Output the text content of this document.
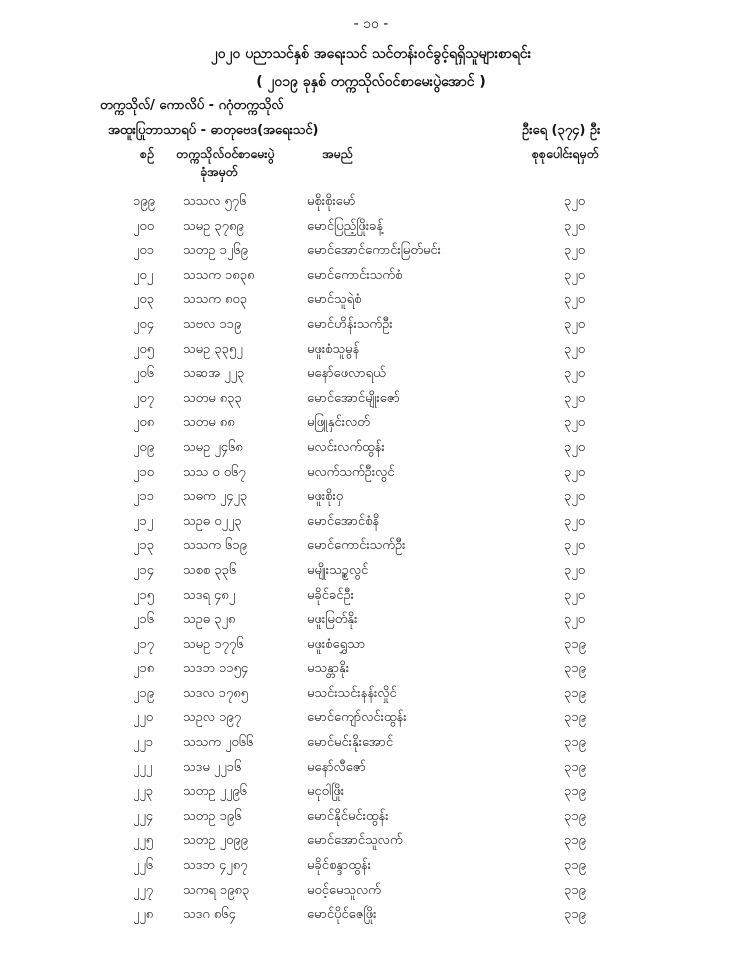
- ၁၀ -
၂၀၂၀ ပညာသင်နှစ် အရေးသင် သင်တန်းဝင်ခွင့်ရရှိသူများစာရင်း
( ၂၀၁၉ ခုနှစ် တက္ကသိုလ်ဝင်စာမေးပွဲအောင် )
တက္ကသိုလ်/ ကောလိပ် - ဂဂုံတက္ကသိုလ်
အထူးပြုဘာသာရပ် - ဓာတုဗေဒ(အရေးသင်)	ဦးရေ (၃၇၄) ဦး
စဉ် တက္ကသိုလ်ဝင်စာမေးပွဲ
ခုံအမှတ်
အမည်	စုစုပေါင်းရမှတ်
၁၉၉ သသလ ၅၇၆	မစိုးစိုးမော်	၃၂၀
၂၀၀ သမဥ ၃၇၈၉	မောင်ပြည့်ဖြိုးခန့်	၃၂၀
၂၀၁ သတဥ ၁၂၆၉	မောင်အောင်ကောင်းမြတ်မင်း	၃၂၀
၂၀၂ သသက ၁၈၃၈	မောင်ကောင်းသက်စံ	၃၂၀
၂၀၃ သသက ၈၀၃	မောင်သူရဲစံ	၃၂၀
၂၀၄ သဗလ ၁၁၉	မောင်ဟိန်းသက်ဦး	၃၂၀
၂၀၅ သမဥ ၃၃၅၂	မဖူးစံသူမွန်	၃၂၀
၂၀၆ သဆအ ၂၂၃	မနော်ဖေလာရယ်	၃၂၀
၂၀၇ သတမ ၈၃၃	မောင်အောင်မျိုးဇော်	၃၂၀
၂၀၈ သတမ ၈၈	မဖြူနှင်းလတ်	၃၂၀
၂၀၉ သမဥ ၂၄၆၈	မလင်းလက်ထွန်း	၃၂၀
၂၁၀ သသ ၀ ၀၆၇	မလက်သက်ဦးလွင်	၃၂၀
၂၁၁ သဓက ၂၄၂၃	မဖူးစိုးဝှ	၃၂၀
၂၁၂ သဥဓ ၀၂၂၃	မောင်အောင်စံနိ	၃၂၀
၂၁၃ သသက ၆၁၉	မောင်ကောင်းသက်ဦး	၃၂၀
၂၁၄ သစစ ၃၃၆	မမျိုးသဥ္စလွင်	၃၂၀
၂၁၅ သဒရ ၄၈၂	မခိုင်ခင်ဦး	၃၂၀
၂၁၆ သဥဓ ၃၂၈	မဖူးမြတ်နိုး	၃၂၀
၂၁၇ သမဥ ၁၇၇၆	မဖူးစံရွှေသာ	၃၁၉
၂၁၈ သဒဘ ၁၁၅၄	မသန္တာနိုး	၃၁၉
၂၁၉ သဒလ ၁၇၈၅	မသင်းသင်းနန်းလှိုင်	၃၁၉
၂၂၀ သဥလ ၁၉၇	မောင်ကျော်လင်းထွန်း	၃၁၉
၂၂၁ သသက ၂၀၆၆	မောင်မင်းနိုးအောင်	၃၁၉
၂၂၂ သဒမ ၂၂၁၆	မနော်လီဇော်	၃၁၉
၂၂၃ သတဥ ၂၂၉၆	မငုဝါဖြိုး	၃၁၉
၂၂၄ သတဥ ၁၉၆	မောင်နိုင်မင်းထွန်း	၃၁၉
၂၂၅ သတဥ ၂၀၉၉	မောင်အောင်သူလက်	၃၁၉
၂၂၆ သဒဘ ၄၂၈၇	မခိုင်စန္ဒာထွန်း	၃၁၉
၂၂၇ သကရ ၁၉၈၃	မဝင့်မေသူလက်	၃၁၉
၂၂၈ သဒဂ ၈၆၄	မောင်ပိုင်ဇေဖြိုး	၃၁၉
